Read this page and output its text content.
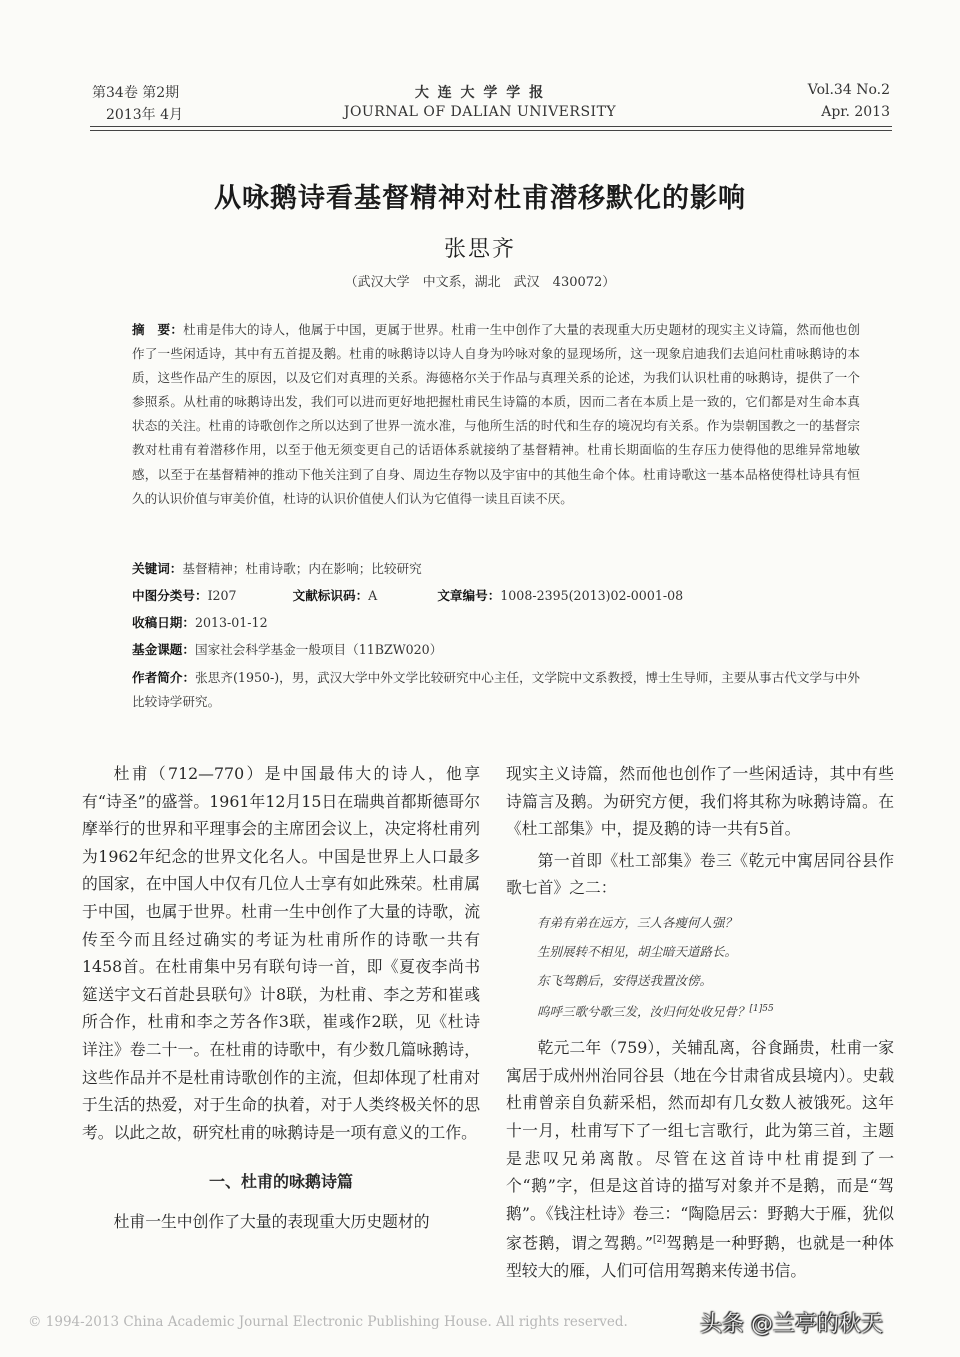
第34卷 第2期
2013年 4月
大 连 大 学 学 报
JOURNAL OF DALIAN UNIVERSITY
Vol.34 No.2
Apr. 2013
从咏鹅诗看基督精神对杜甫潜移默化的影响
张思齐
（武汉大学　中文系，湖北　武汉　430072）
摘　要：杜甫是伟大的诗人，他属于中国，更属于世界。杜甫一生中创作了大量的表现重大历史题材的现实主义诗篇，然而他也创作了一些闲适诗，其中有五首提及鹅。杜甫的咏鹅诗以诗人自身为吟咏对象的显现场所，这一现象启迪我们去追问杜甫咏鹅诗的本质，这些作品产生的原因，以及它们对真理的关系。海德格尔关于作品与真理关系的论述，为我们认识杜甫的咏鹅诗，提供了一个参照系。从杜甫的咏鹅诗出发，我们可以进而更好地把握杜甫民生诗篇的本质，因而二者在本质上是一致的，它们都是对生命本真状态的关注。杜甫的诗歌创作之所以达到了世界一流水准，与他所生活的时代和生存的境况均有关系。作为崇朝国教之一的基督宗教对杜甫有着潜移作用，以至于他无须变更自己的话语体系就接纳了基督精神。杜甫长期面临的生存压力使得他的思维异常地敏感，以至于在基督精神的推动下他关注到了自身、周边生存物以及宇宙中的其他生命个体。杜甫诗歌这一基本品格使得杜诗具有恒久的认识价值与审美价值，杜诗的认识价值使人们认为它值得一读且百读不厌。
关键词：基督精神；杜甫诗歌；内在影响；比较研究
中图分类号：I207	文献标识码：A	文章编号：1008-2395(2013)02-0001-08
收稿日期：2013-01-12
基金课题：国家社会科学基金一般项目（11BZW020）
作者简介：张思齐(1950-)，男，武汉大学中外文学比较研究中心主任，文学院中文系教授，博士生导师，主要从事古代文学与中外比较诗学研究。

杜甫（712—770）是中国最伟大的诗人，他享有“诗圣”的盛誉。1961年12月15日在瑞典首都斯德哥尔摩举行的世界和平理事会的主席团会议上，决定将杜甫列为1962年纪念的世界文化名人。中国是世界上人口最多的国家，在中国人中仅有几位人士享有如此殊荣。杜甫属于中国，也属于世界。杜甫一生中创作了大量的诗歌，流传至今而且经过确实的考证为杜甫所作的诗歌一共有1458首。在杜甫集中另有联句诗一首，即《夏夜李尚书筵送宇文石首赴县联句》计8联，为杜甫、李之芳和崔彧所合作，杜甫和李之芳各作3联，崔彧作2联，见《杜诗详注》卷二十一。在杜甫的诗歌中，有少数几篇咏鹅诗，这些作品并不是杜甫诗歌创作的主流，但却体现了杜甫对于生活的热爱，对于生命的执着，对于人类终极关怀的思考。以此之故，研究杜甫的咏鹅诗是一项有意义的工作。

一、杜甫的咏鹅诗篇

杜甫一生中创作了大量的表现重大历史题材的

现实主义诗篇，然而他也创作了一些闲适诗，其中有些诗篇言及鹅。为研究方便，我们将其称为咏鹅诗篇。在《杜工部集》中，提及鹅的诗一共有5首。

第一首即《杜工部集》卷三《乾元中寓居同谷县作歌七首》之二：

有弟有弟在远方，三人各瘦何人强？

生别展转不相见，胡尘暗天道路长。

东飞驾鹅后，安得送我置汝傍。

呜呼三歌兮歌三发，汝归何处收兄骨？$^{[1]55}$

乾元二年（759），关辅乱离，谷食踊贵，杜甫一家寓居于成州州治同谷县（地在今甘肃省成县境内）。史载杜甫曾亲自负薪采梠，然而却有几女数人被饿死。这年十一月，杜甫写下了一组七言歌行，此为第三首，主题是悲叹兄弟离散。尽管在这首诗中杜甫提到了一个“鹅”字，但是这首诗的描写对象并不是鹅，而是“驾鹅”。《钱注杜诗》卷三：“陶隐居云：野鹅大于雁，犹似家苍鹅，谓之驾鹅。”[2]驾鹅是一种野鹅，也就是一种体型较大的雁，人们可信用驾鹅来传递书信。

© 1994-2013 China Academic Journal Electronic Publishing House. All rights reserved.	头条 @兰亭的秋天
